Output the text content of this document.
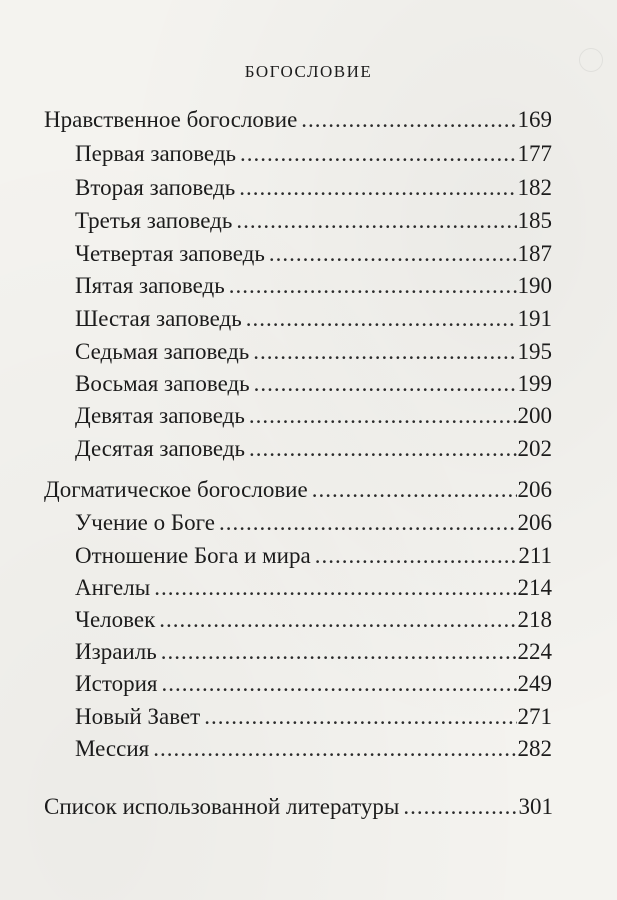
БОГОСЛОВИЕ
Нравственное богословие .....	169
Первая заповедь .....	177
Вторая заповедь .....	182
Третья заповедь .....	185
Четвертая заповедь .....	187
Пятая заповедь .....	190
Шестая заповедь .....	191
Седьмая заповедь .....	195
Восьмая заповедь .....	199
Девятая заповедь .....	200
Десятая заповедь .....	202
Догматическое богословие .....	206
Учение о Боге .....	206
Отношение Бога и мира .....	211
Ангелы .....	214
Человек .....	218
Израиль .....	224
История .....	249
Новый Завет .....	271
Мессия .....	282
Список использованной литературы .....	301
